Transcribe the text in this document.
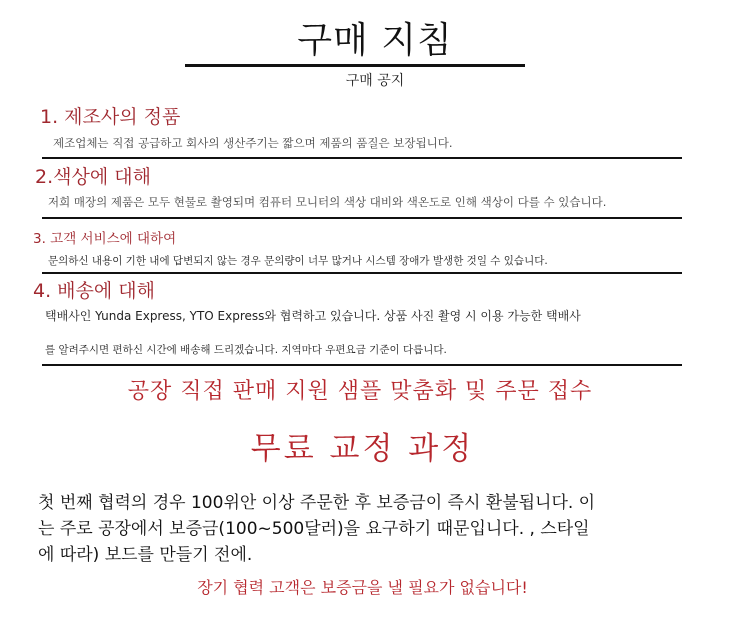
구매 지침
구매 공지
1. 제조사의 정품
제조업체는 직접 공급하고 회사의 생산주기는 짧으며 제품의 품질은 보장됩니다.
2.색상에 대해
저희 매장의 제품은 모두 현물로 촬영되며 컴퓨터 모니터의 색상 대비와 색온도로 인해 색상이 다를 수 있습니다.
3. 고객 서비스에 대하여
문의하신 내용이 기한 내에 답변되지 않는 경우 문의량이 너무 많거나 시스템 장애가 발생한 것일 수 있습니다.
4. 배송에 대해
택배사인 Yunda Express, YTO Express와 협력하고 있습니다. 상품 사진 촬영 시 이용 가능한 택배사
를 알려주시면 편하신 시간에 배송해 드리겠습니다. 지역마다 우편요금 기준이 다릅니다.
공장 직접 판매 지원 샘플 맞춤화 및 주문 접수
무료 교정 과정
첫 번째 협력의 경우 100위안 이상 주문한 후 보증금이 즉시 환불됩니다. 이
는 주로 공장에서 보증금(100~500달러)을 요구하기 때문입니다. , 스타일
에 따라) 보드를 만들기 전에.
장기 협력 고객은 보증금을 낼 필요가 없습니다!
